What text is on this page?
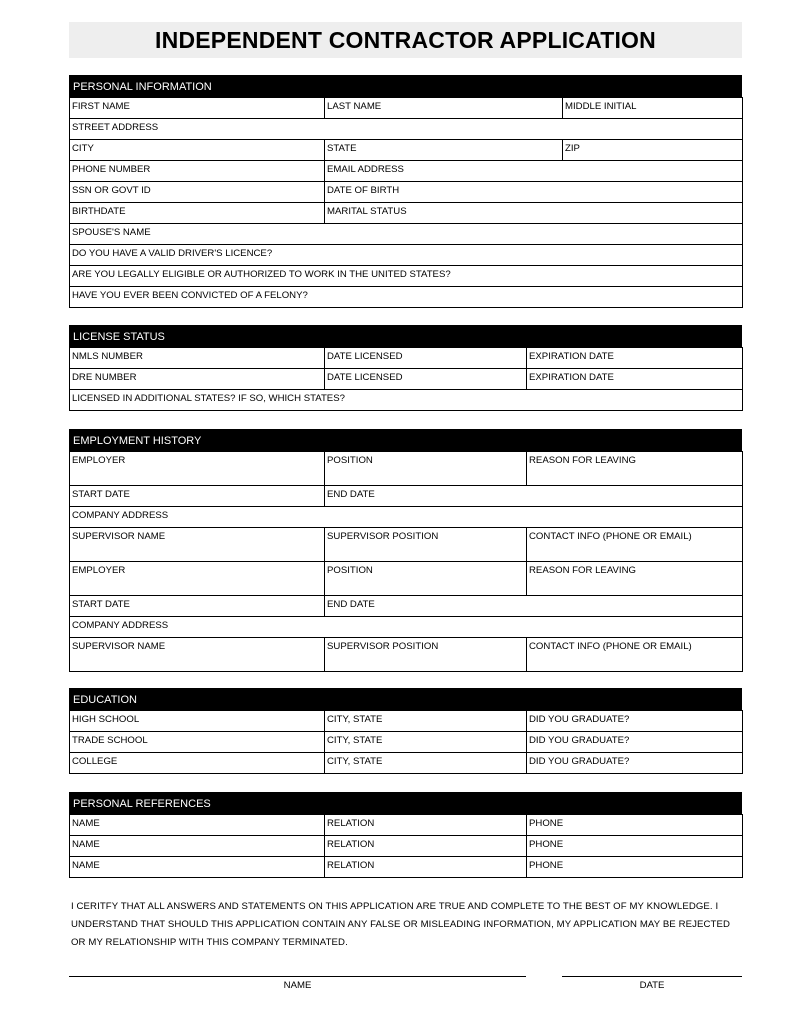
INDEPENDENT CONTRACTOR APPLICATION
PERSONAL INFORMATION
FIRST NAME	LAST NAME	MIDDLE INITIAL
STREET ADDRESS		
CITY	STATE	ZIP
PHONE NUMBER	EMAIL ADDRESS	
SSN OR GOVT ID	DATE OF BIRTH	
BIRTHDATE	MARITAL STATUS	
SPOUSE'S NAME		
DO YOU HAVE A VALID DRIVER'S LICENCE?		
ARE YOU LEGALLY ELIGIBLE OR AUTHORIZED TO WORK IN THE UNITED STATES?		
HAVE YOU EVER BEEN CONVICTED OF A FELONY?		
LICENSE STATUS
NMLS NUMBER	DATE LICENSED	EXPIRATION DATE
DRE NUMBER	DATE LICENSED	EXPIRATION DATE
LICENSED IN ADDITIONAL STATES? IF SO, WHICH STATES?		
EMPLOYMENT HISTORY
EMPLOYER	POSITION	REASON FOR LEAVING
START DATE	END DATE	
COMPANY ADDRESS		
SUPERVISOR NAME	SUPERVISOR POSITION	CONTACT INFO (PHONE OR EMAIL)
EMPLOYER	POSITION	REASON FOR LEAVING
START DATE	END DATE	
COMPANY ADDRESS		
SUPERVISOR NAME	SUPERVISOR POSITION	CONTACT INFO (PHONE OR EMAIL)
EDUCATION
HIGH SCHOOL	CITY, STATE	DID YOU GRADUATE?
TRADE SCHOOL	CITY, STATE	DID YOU GRADUATE?
COLLEGE	CITY, STATE	DID YOU GRADUATE?
PERSONAL REFERENCES
NAME	RELATION	PHONE
NAME	RELATION	PHONE
NAME	RELATION	PHONE
I CERITFY THAT ALL ANSWERS AND STATEMENTS ON THIS APPLICATION ARE TRUE AND COMPLETE TO THE BEST OF MY KNOWLEDGE. I UNDERSTAND THAT SHOULD THIS APPLICATION CONTAIN ANY FALSE OR MISLEADING INFORMATION, MY APPLICATION MAY BE REJECTED OR MY RELATIONSHIP WITH THIS COMPANY TERMINATED.
NAME	DATE
